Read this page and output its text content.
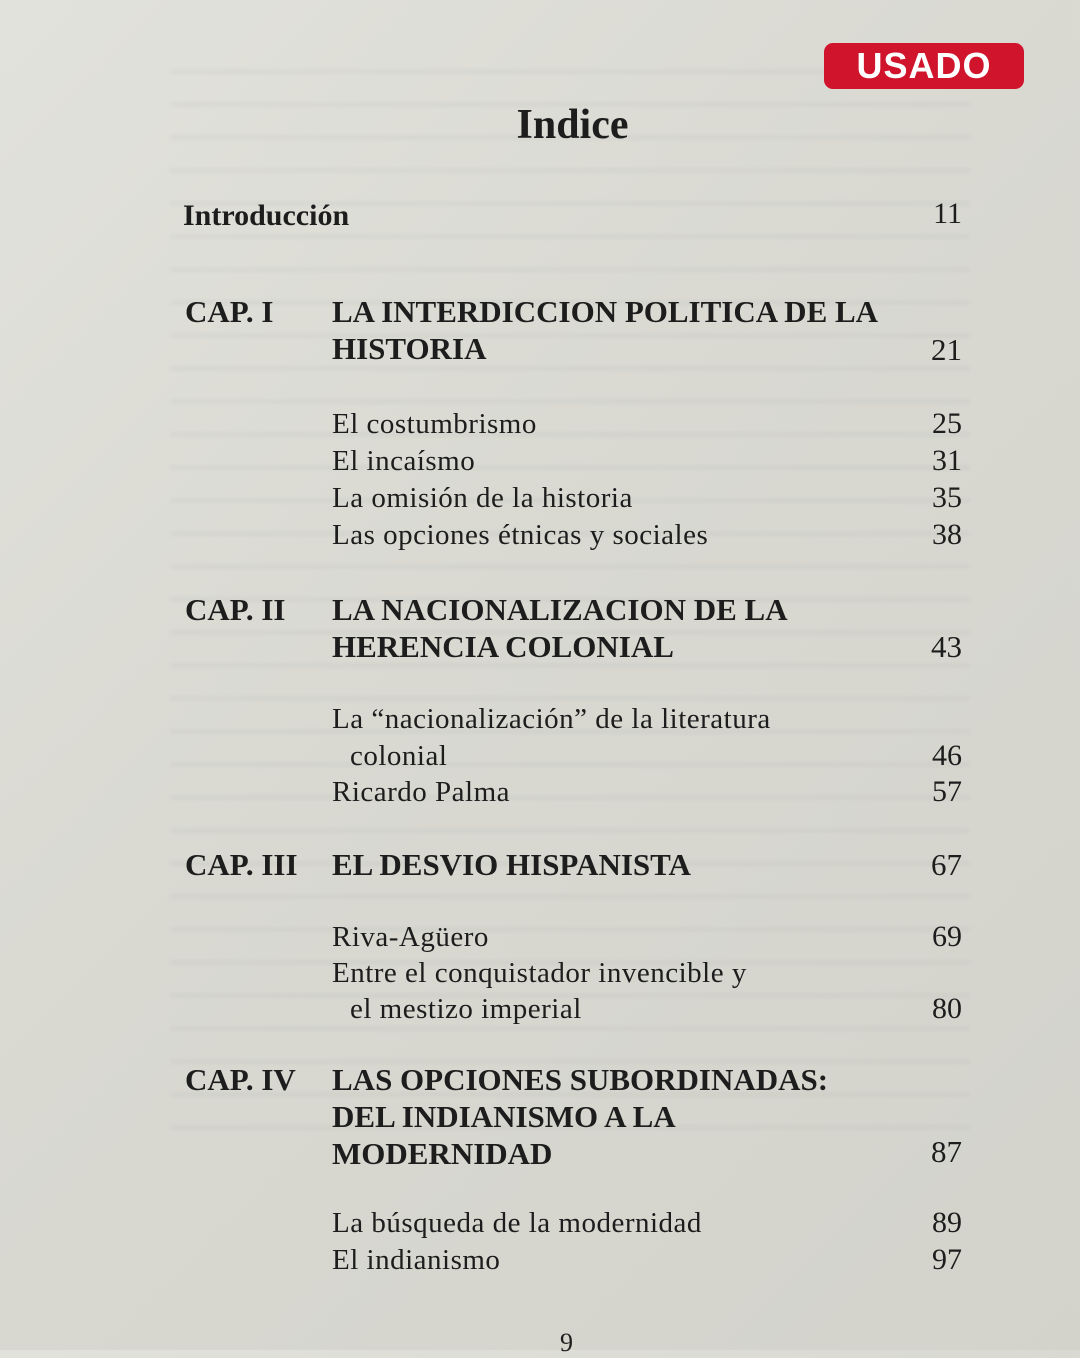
USADO
Indice
Introducción	11
CAP. I LA INTERDICCION POLITICA DE LA HISTORIA	21
El costumbrismo	25
El incaísmo	31
La omisión de la historia	35
Las opciones étnicas y sociales	38
CAP. II LA NACIONALIZACION DE LA HERENCIA COLONIAL	43
La “nacionalización” de la literatura
colonial	46
Ricardo Palma	57
CAP. III EL DESVIO HISPANISTA	67
Riva-Agüero	69
Entre el conquistador invencible y
el mestizo imperial	80
CAP. IV LAS OPCIONES SUBORDINADAS: DEL INDIANISMO A LA MODERNIDAD	87
La búsqueda de la modernidad	89
El indianismo	97
9
